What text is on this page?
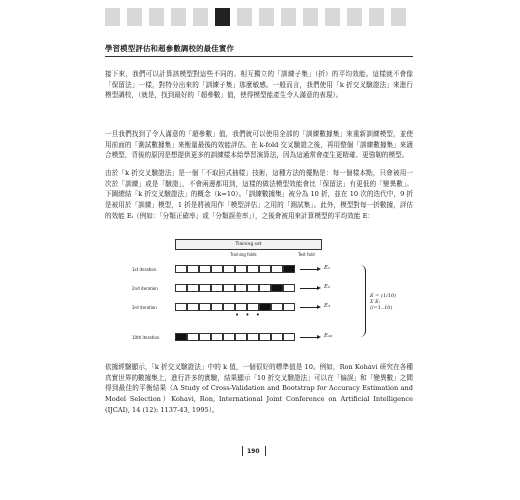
學習模型評估和超參數調校的最佳實作

接下來，我們可以計算該模型對這些不同的、相互獨立的「訓練子集」（折）的平均效能。這樣就不會像「保留法」一樣，對特分出來的「訓練子集」那麼敏感。一般而言，我們使用「k 折交叉驗證法」來進行模型調校，（就是，找到最好的「超參數」值，使得模型能產生令人滿意的表現）。

一旦我們找到了令人滿意的「超參數」值，我們就可以使用全部的「訓練數據集」來重新訓練模型，並使用前面的「測試數據集」來衡量最後的效能評估。在 k-fold 交叉驗證之後，再用整個「訓練數據集」來適合模型，背後的原因是想提供更多的訓練樣本給學習演算法，因為這通常會產生更精確、更強韌的模型。

由於「k 折交叉驗證法」是一個「不取回式抽樣」技術，這種方法的優點是：每一個樣本點，只會被用一次於「訓練」或是「驗證」，不會兩邊都用到，這樣的做法模型效能會比「保留法」有更低的「變異數」。下圖總結「k 折交叉驗證法」的概念（k=10）。「訓練數據集」被分為 10 折，並在 10 次的迭代中，9 折是被用於「訓練」模型，1 折是將被用作「模型評估」之用的「測試集」。此外，模型對每一折數據，評估的效能 Eᵢ（例如：「分類正確率」或「分類誤差率」），之後會被用來計算模型的平均效能 E：

Training set
Training folds	Test fold
1st iteration	E₁
2nd iteration	E₂
3rd iteration	E₃
• • •
10th iteration	E₁₀
E = (1/10) Σ Eᵢ (i=1..10)

依據經驗顯示，「k 折交叉驗證法」中的 k 值，一個很好的標準值是 10。例如，Ron Kohavi 研究在各種真實世界的數據集上，進行許多的實驗，結果顯示「10 折交叉驗證法」可以在「偏誤」和「變異數」之間得到最佳的平衡結果（A Study of Cross-Validation and Bootstrap for Accuracy Estimation and Model Selection）Kohavi, Ron, International Joint Conference on Artificial Intelligence (IJCAI), 14 (12): 1137-43, 1995）。

190
